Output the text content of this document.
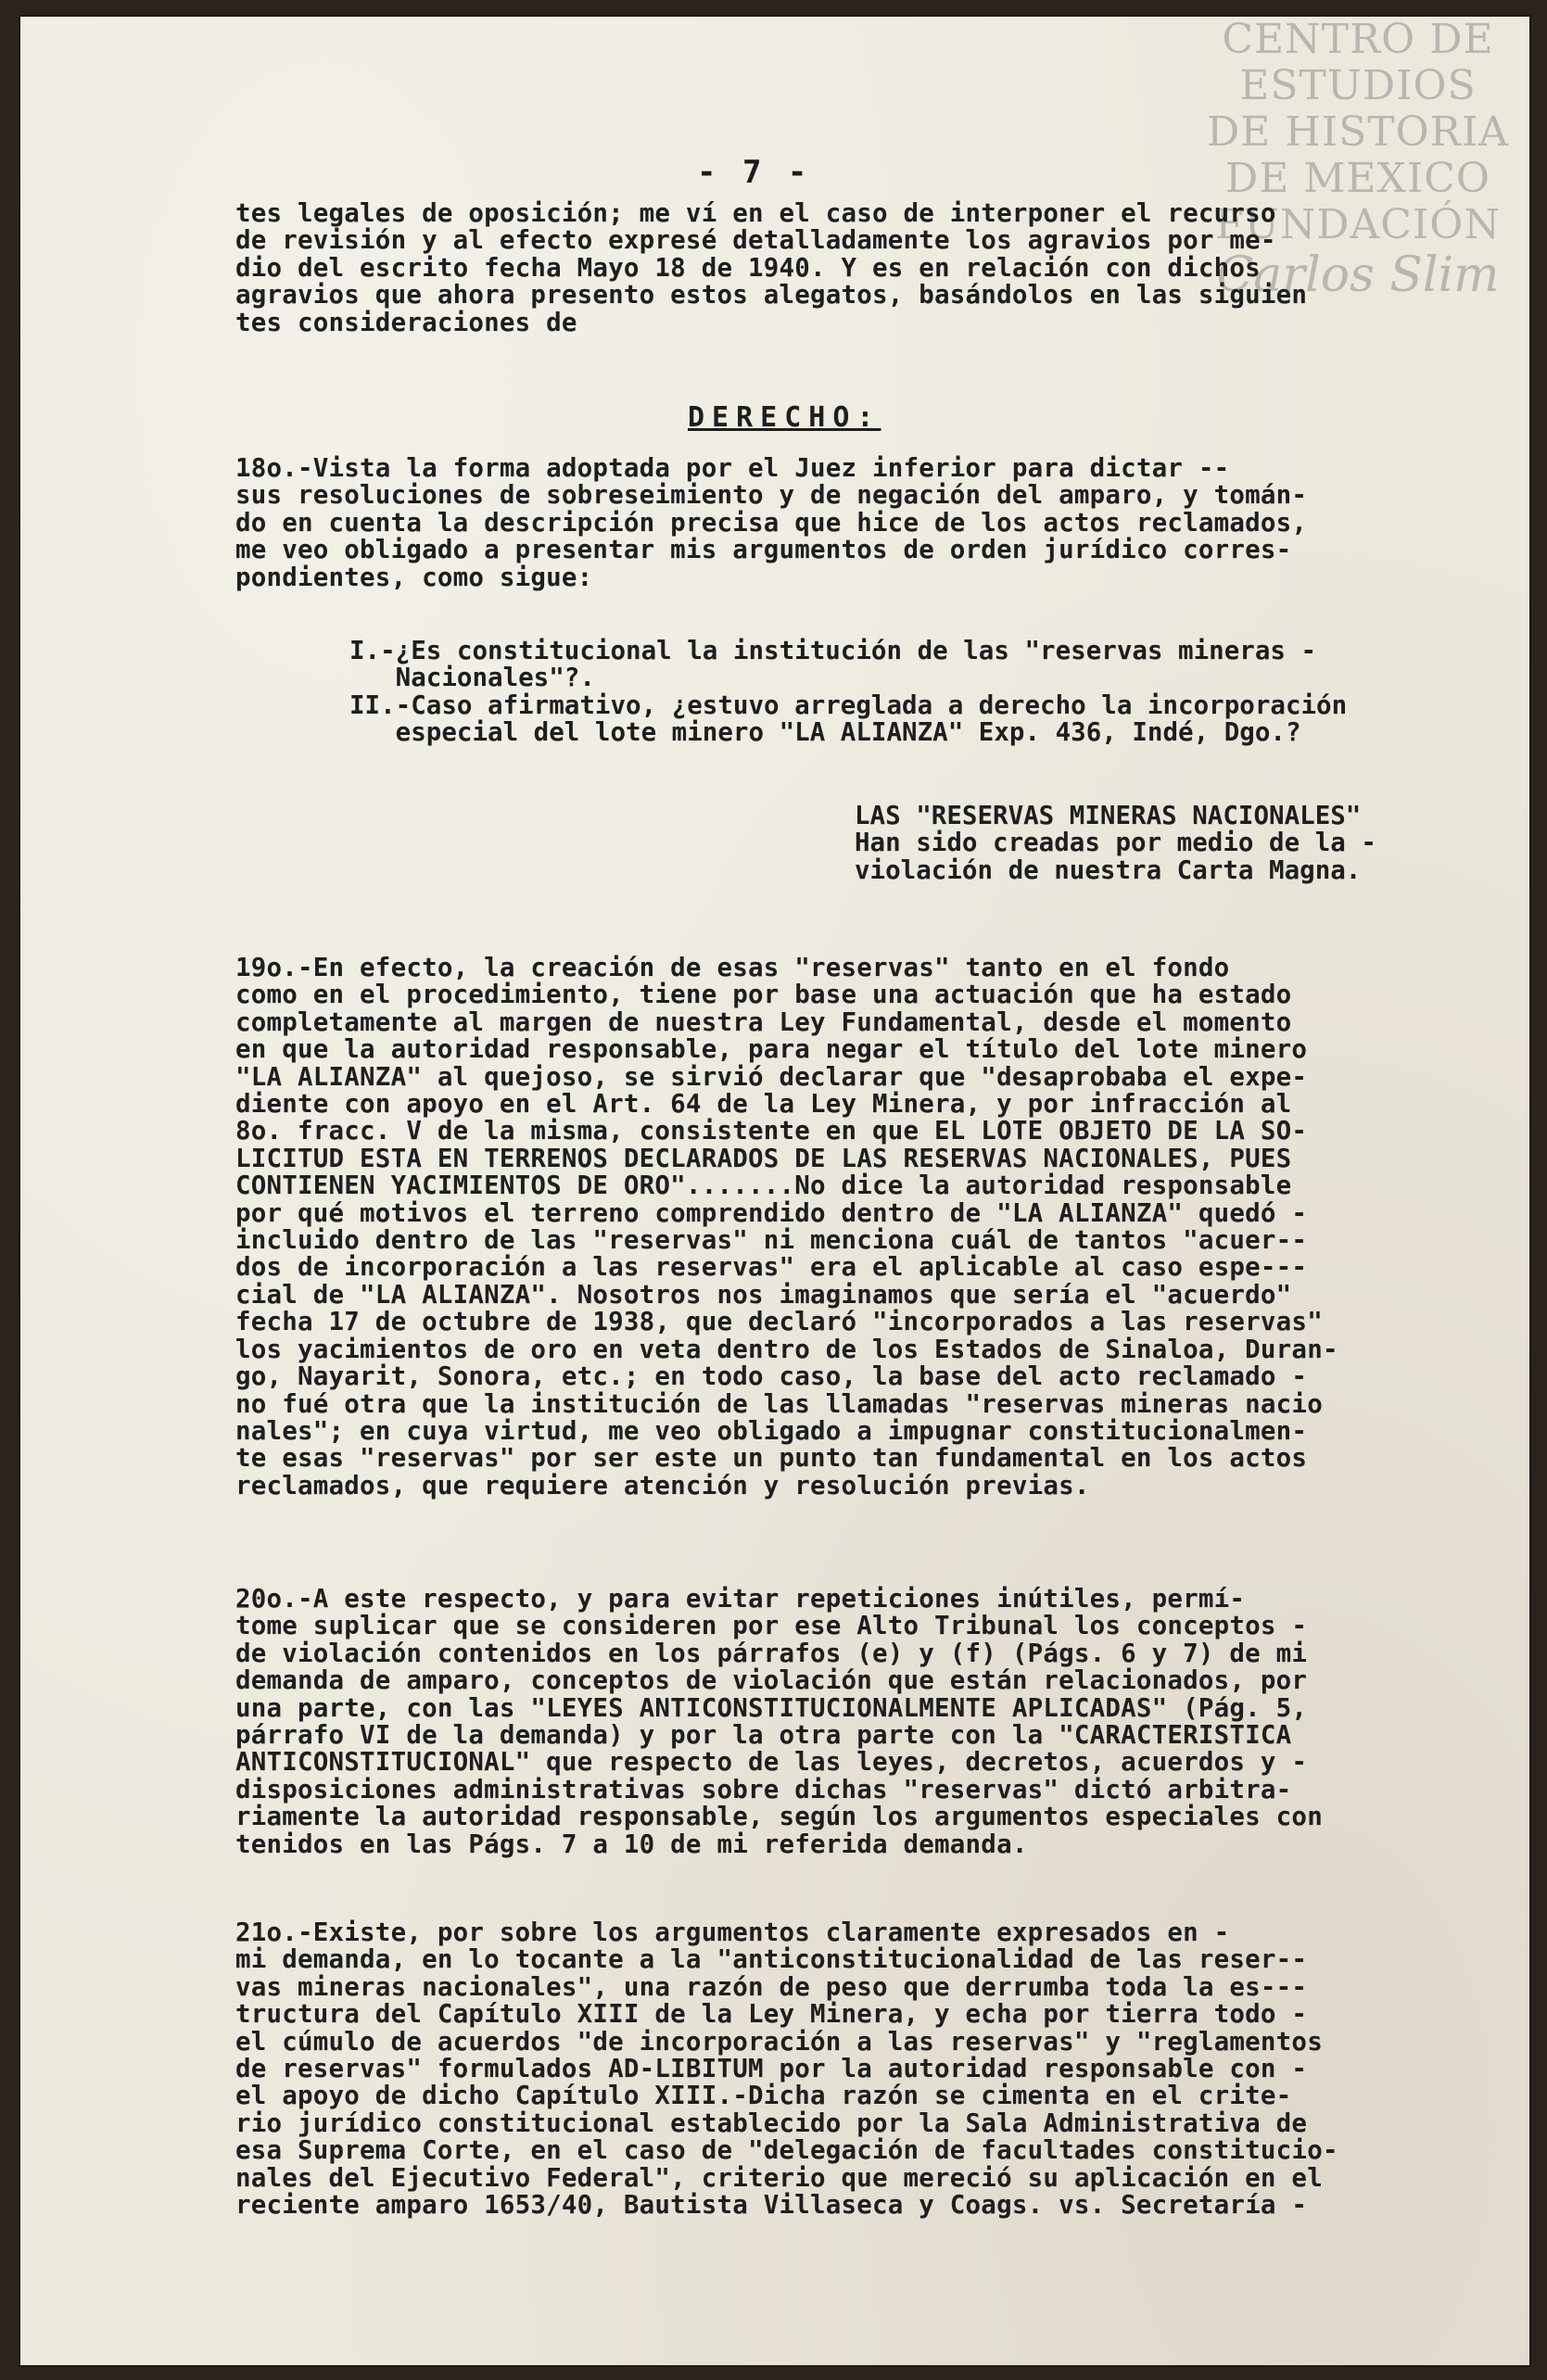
CENTRO DE
ESTUDIOS
DE HISTORIA
DE MEXICO
FUNDACIÓN
Carlos Slim
- 7 -
tes legales de oposición; me ví en el caso de interponer el recurso
de revisión y al efecto expresé detalladamente los agravios por me-
dio del escrito fecha Mayo 18 de 1940. Y es en relación con dichos
agravios que ahora presento estos alegatos, basándolos en las siguien
tes consideraciones de
DERECHO:
18o.-Vista la forma adoptada por el Juez inferior para dictar --
sus resoluciones de sobreseimiento y de negación del amparo, y tomán-
do en cuenta la descripción precisa que hice de los actos reclamados,
me veo obligado a presentar mis argumentos de orden jurídico corres-
pondientes, como sigue:
I.-¿Es constitucional la institución de las "reservas mineras -
Nacionales"?.
II.-Caso afirmativo, ¿estuvo arreglada a derecho la incorporación
especial del lote minero "LA ALIANZA" Exp. 436, Indé, Dgo.?
LAS "RESERVAS MINERAS NACIONALES"
Han sido creadas por medio de la -
violación de nuestra Carta Magna.
19o.-En efecto, la creación de esas "reservas" tanto en el fondo
como en el procedimiento, tiene por base una actuación que ha estado
completamente al margen de nuestra Ley Fundamental, desde el momento
en que la autoridad responsable, para negar el título del lote minero
"LA ALIANZA" al quejoso, se sirvió declarar que "desaprobaba el expe-
diente con apoyo en el Art. 64 de la Ley Minera, y por infracción al
8o. fracc. V de la misma, consistente en que EL LOTE OBJETO DE LA SO-
LICITUD ESTA EN TERRENOS DECLARADOS DE LAS RESERVAS NACIONALES, PUES
CONTIENEN YACIMIENTOS DE ORO".......No dice la autoridad responsable
por qué motivos el terreno comprendido dentro de "LA ALIANZA" quedó -
incluido dentro de las "reservas" ni menciona cuál de tantos "acuer--
dos de incorporación a las reservas" era el aplicable al caso espe---
cial de "LA ALIANZA". Nosotros nos imaginamos que sería el "acuerdo"
fecha 17 de octubre de 1938, que declaró "incorporados a las reservas"
los yacimientos de oro en veta dentro de los Estados de Sinaloa, Duran-
go, Nayarit, Sonora, etc.; en todo caso, la base del acto reclamado -
no fué otra que la institución de las llamadas "reservas mineras nacio
nales"; en cuya virtud, me veo obligado a impugnar constitucionalmen-
te esas "reservas" por ser este un punto tan fundamental en los actos
reclamados, que requiere atención y resolución previas.
20o.-A este respecto, y para evitar repeticiones inútiles, permí-
tome suplicar que se consideren por ese Alto Tribunal los conceptos -
de violación contenidos en los párrafos (e) y (f) (Págs. 6 y 7) de mi
demanda de amparo, conceptos de violación que están relacionados, por
una parte, con las "LEYES ANTICONSTITUCIONALMENTE APLICADAS" (Pág. 5,
párrafo VI de la demanda) y por la otra parte con la "CARACTERISTICA
ANTICONSTITUCIONAL" que respecto de las leyes, decretos, acuerdos y -
disposiciones administrativas sobre dichas "reservas" dictó arbitra-
riamente la autoridad responsable, según los argumentos especiales con
tenidos en las Págs. 7 a 10 de mi referida demanda.
21o.-Existe, por sobre los argumentos claramente expresados en -
mi demanda, en lo tocante a la "anticonstitucionalidad de las reser--
vas mineras nacionales", una razón de peso que derrumba toda la es---
tructura del Capítulo XIII de la Ley Minera, y echa por tierra todo -
el cúmulo de acuerdos "de incorporación a las reservas" y "reglamentos
de reservas" formulados AD-LIBITUM por la autoridad responsable con -
el apoyo de dicho Capítulo XIII.-Dicha razón se cimenta en el crite-
rio jurídico constitucional establecido por la Sala Administrativa de
esa Suprema Corte, en el caso de "delegación de facultades constitucio-
nales del Ejecutivo Federal", criterio que mereció su aplicación en el
reciente amparo 1653/40, Bautista Villaseca y Coags. vs. Secretaría -
